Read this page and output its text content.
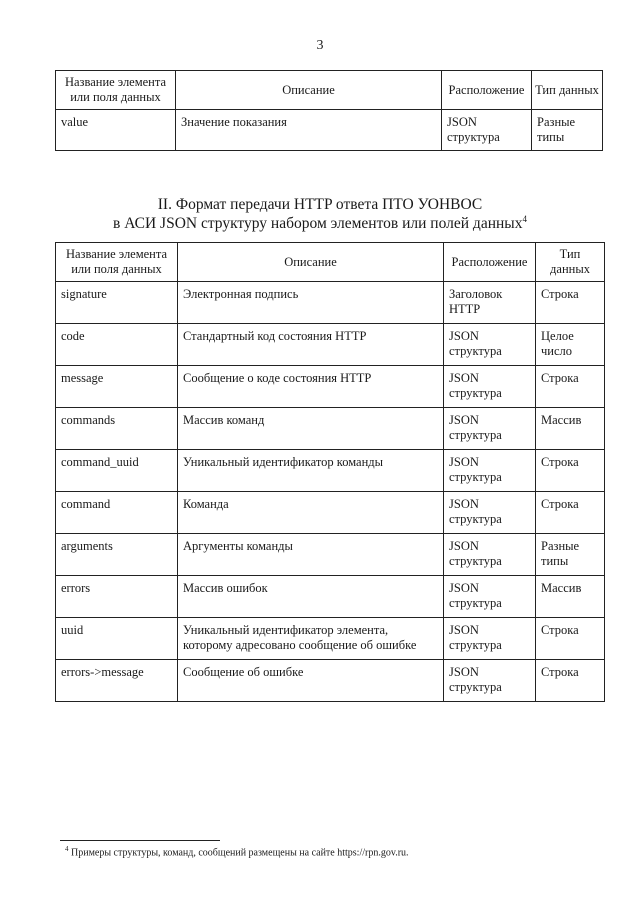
3
Название элемента или поля данных	Описание	Расположение	Тип данных
value	Значение показания	JSON структура	Разные типы
II. Формат передачи HTTP ответа ПТО УОНВОС
в АСИ JSON структуру набором элементов или полей данных$^4$
Название элемента или поля данных	Описание	Расположение	Тип данных
signature	Электронная подпись	Заголовок HTTP	Строка
code	Стандартный код состояния HTTP	JSON структура	Целое число
message	Сообщение о коде состояния HTTP	JSON структура	Строка
commands	Массив команд	JSON структура	Массив
command_uuid	Уникальный идентификатор команды	JSON структура	Строка
command	Команда	JSON структура	Строка
arguments	Аргументы команды	JSON структура	Разные типы
errors	Массив ошибок	JSON структура	Массив
uuid	Уникальный идентификатор элемента, которому адресовано сообщение об ошибке	JSON структура	Строка
errors->message	Сообщение об ошибке	JSON структура	Строка
$^4$ Примеры структуры, команд, сообщений размещены на сайте https://rpn.gov.ru.
